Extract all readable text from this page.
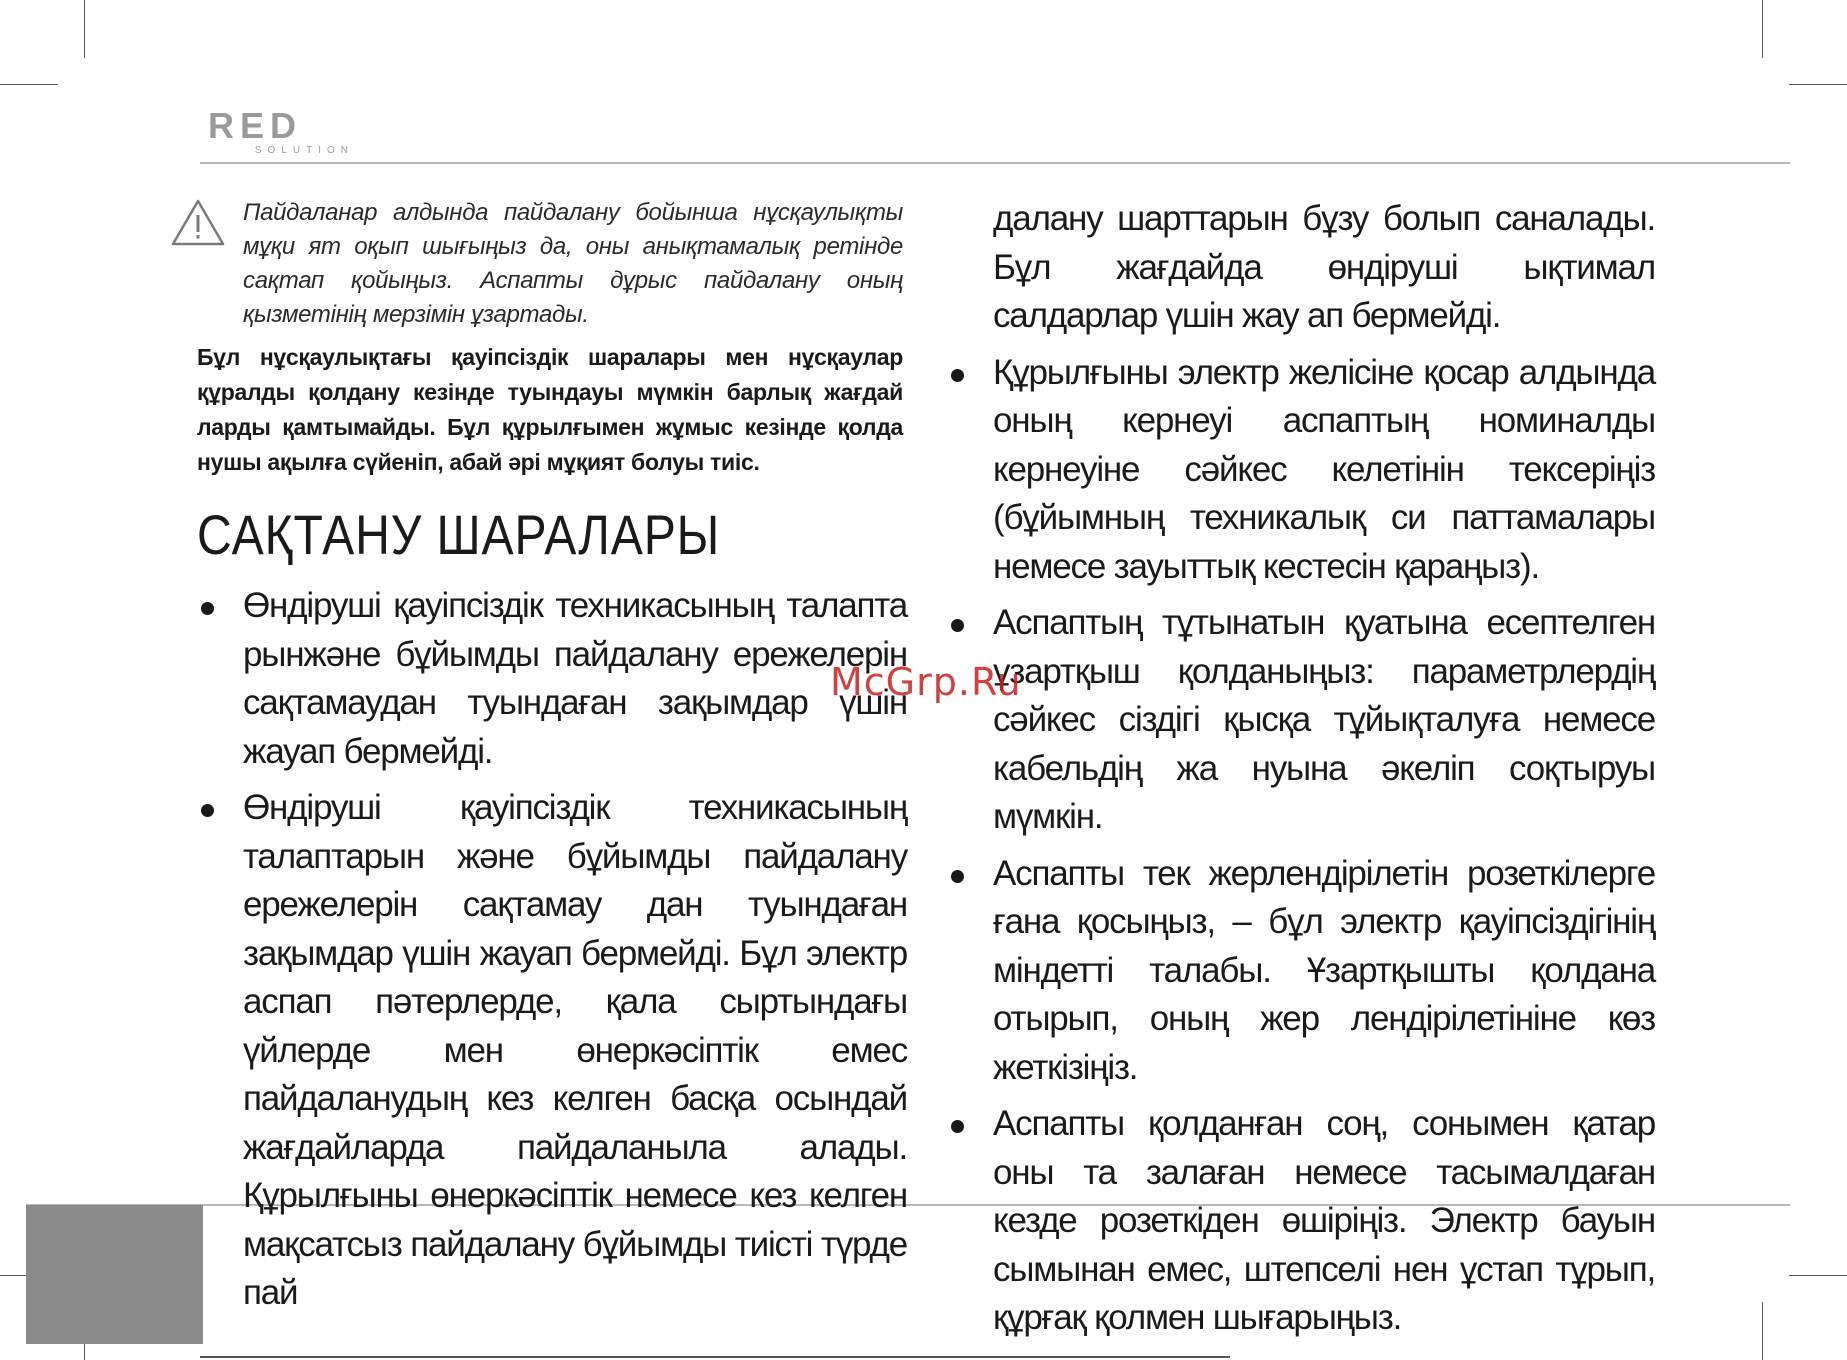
RED
SOLUTION
Пайдаланар алдында пайдалану бойынша нұсқаулықты мұқи ят оқып шығыңыз да, оны анықтамалық ретінде сақтап қойыңыз. Аспапты дұрыс пайдалану оның қызметінің мерзімін ұзартады.
Бұл нұсқаулықтағы қауіпсіздік шаралары мен нұсқаулар құралды қолдану кезінде туындауы мүмкін барлық жағдай ларды қамтымайды. Бұл құрылғымен жұмыс кезінде қолда нушы ақылға сүйеніп, абай әрі мұқият болуы тиіс.
САҚТАНУ ШАРАЛАРЫ
Өндіруші қауіпсіздік техникасының талапта рынжәне бұйымды пайдалану ережелерін сақтамаудан туындаған зақымдар үшін жауап бермейді.
Өндіруші қауіпсіздік техникасының талаптарын және бұйымды пайдалану ережелерін сақтамау дан туындаған зақымдар үшін жауап бермейді. Бұл электр аспап пәтерлерде, қала сыртындағы үйлерде мен өнеркәсіптік емес пайдаланудың кез келген басқа осындай жағдайларда пайдаланыла алады. Құрылғыны өнеркәсіптік немесе кез келген мақсатсыз пайдалану бұйымды тиісті түрде пай
далану шарттарын бұзу болып саналады. Бұл жағдайда өндіруші ықтимал салдарлар үшін жау ап бермейді.
Құрылғыны электр желісіне қосар алдында оның кернеуі аспаптың номиналды кернеуіне сәйкес келетінін тексеріңіз (бұйымның техникалық си паттамалары немесе зауыттық кестесін қараңыз).
Аспаптың тұтынатын қуатына есептелген ұзартқыш қолданыңыз: параметрлердің сәйкес сіздігі қысқа тұйықталуға немесе кабельдің жа нуына әкеліп соқтыруы мүмкін.
Аспапты тек жерлендірілетін розеткілерге ғана қосыңыз, – бұл электр қауіпсіздігінің міндетті талабы. Ұзартқышты қолдана отырып, оның жер лендірілетініне көз жеткізіңіз.
Аспапты қолданған соң, сонымен қатар оны та залаған немесе тасымалдаған кезде розеткіден өшіріңіз. Электр бауын сымынан емес, штепселі нен ұстап тұрып, құрғақ қолмен шығарыңыз.
McGrp.Ru
